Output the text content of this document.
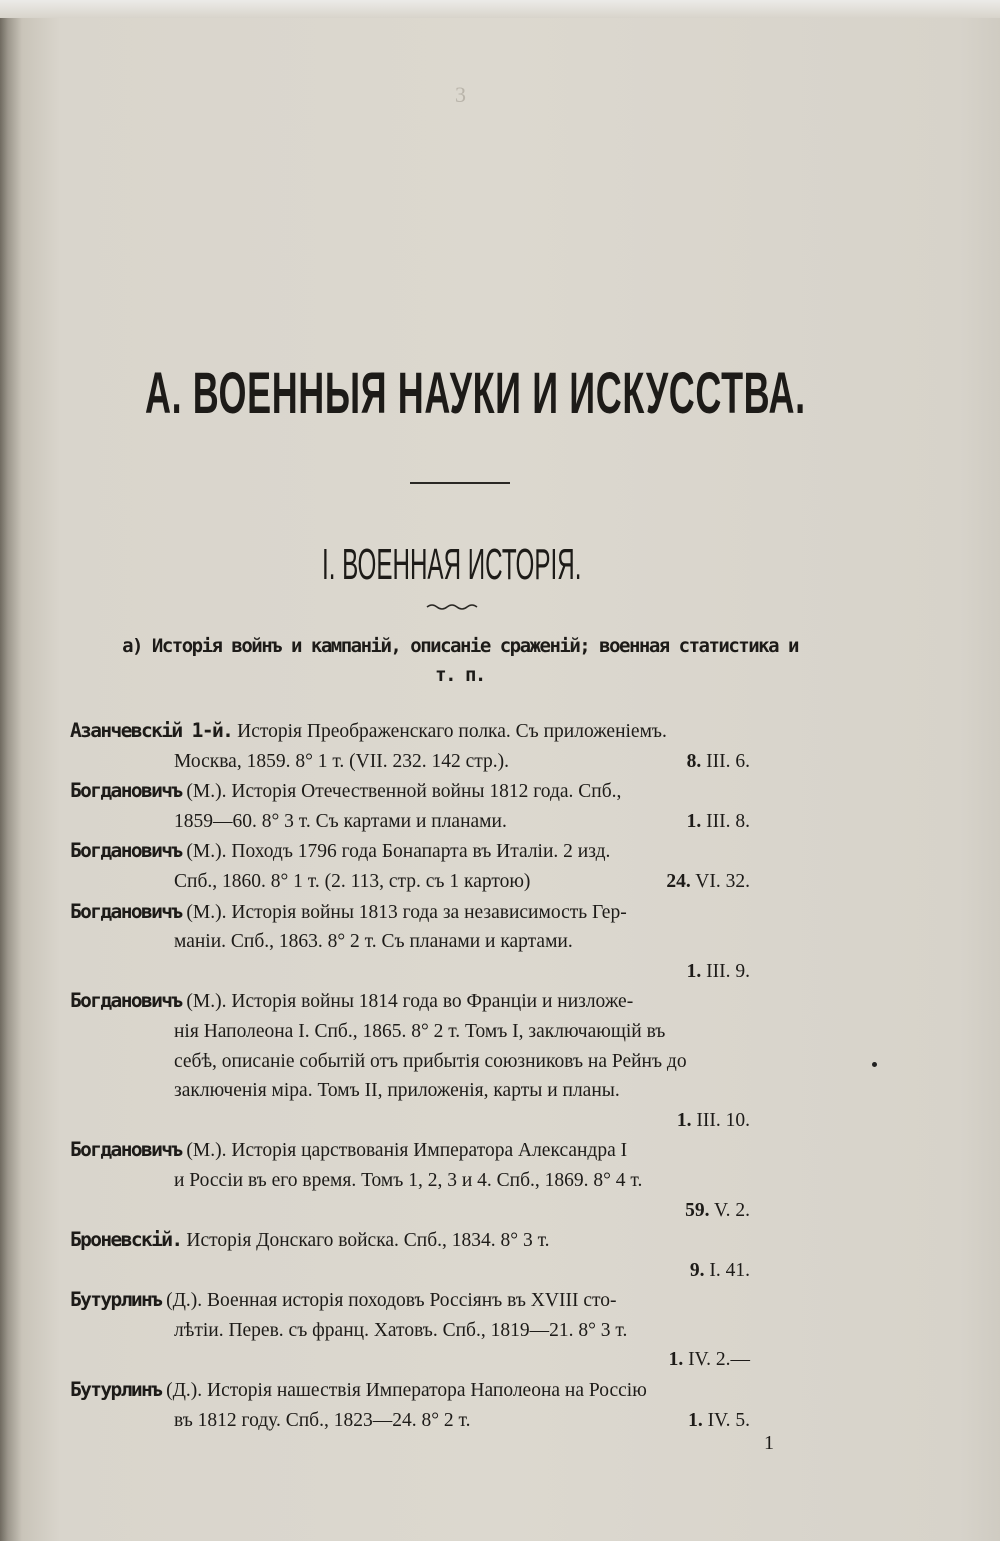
3
А. ВОЕННЫЯ НАУКИ И ИСКУССТВА.
I. ВОЕННАЯ ИСТОРІЯ.
а) Исторія войнъ и кампаній, описаніе сраженій; военная статистика и т. п.
Азанчевскій 1-й. Исторія Преображенскаго полка. Съ приложеніемъ.
Москва, 1859. 8° 1 т. (VII. 232. 142 стр.).	8. III. 6.
Богдановичъ (М.). Исторія Отечественной войны 1812 года. Спб.,
1859—60. 8° 3 т. Съ картами и планами.	1. III. 8.
Богдановичъ (М.). Походъ 1796 года Бонапарта въ Италіи. 2 изд.
Спб., 1860. 8° 1 т. (2. 113, стр. съ 1 картою)	24. VI. 32.
Богдановичъ (М.). Исторія войны 1813 года за независимость Гер-
маніи. Спб., 1863. 8° 2 т. Съ планами и картами.
1. III. 9.
Богдановичъ (М.). Исторія войны 1814 года во Франціи и низложе-
нія Наполеона I. Спб., 1865. 8° 2 т. Томъ I, заключающій въ
себѣ, описаніе событій отъ прибытія союзниковъ на Рейнъ до
заключенія міра. Томъ II, приложенія, карты и планы.
1. III. 10.
Богдановичъ (М.). Исторія царствованія Императора Александра I
и Россіи въ его время. Томъ 1, 2, 3 и 4. Спб., 1869. 8° 4 т.
59. V. 2.
Броневскій. Исторія Донскаго войска. Спб., 1834. 8° 3 т.
9. I. 41.
Бутурлинъ (Д.). Военная исторія походовъ Россіянъ въ XVIII сто-
лѣтіи. Перев. съ франц. Хатовъ. Спб., 1819—21. 8° 3 т.
1. IV. 2.—
Бутурлинъ (Д.). Исторія нашествія Императора Наполеона на Россію
въ 1812 году. Спб., 1823—24. 8° 2 т.	1. IV. 5.
1
